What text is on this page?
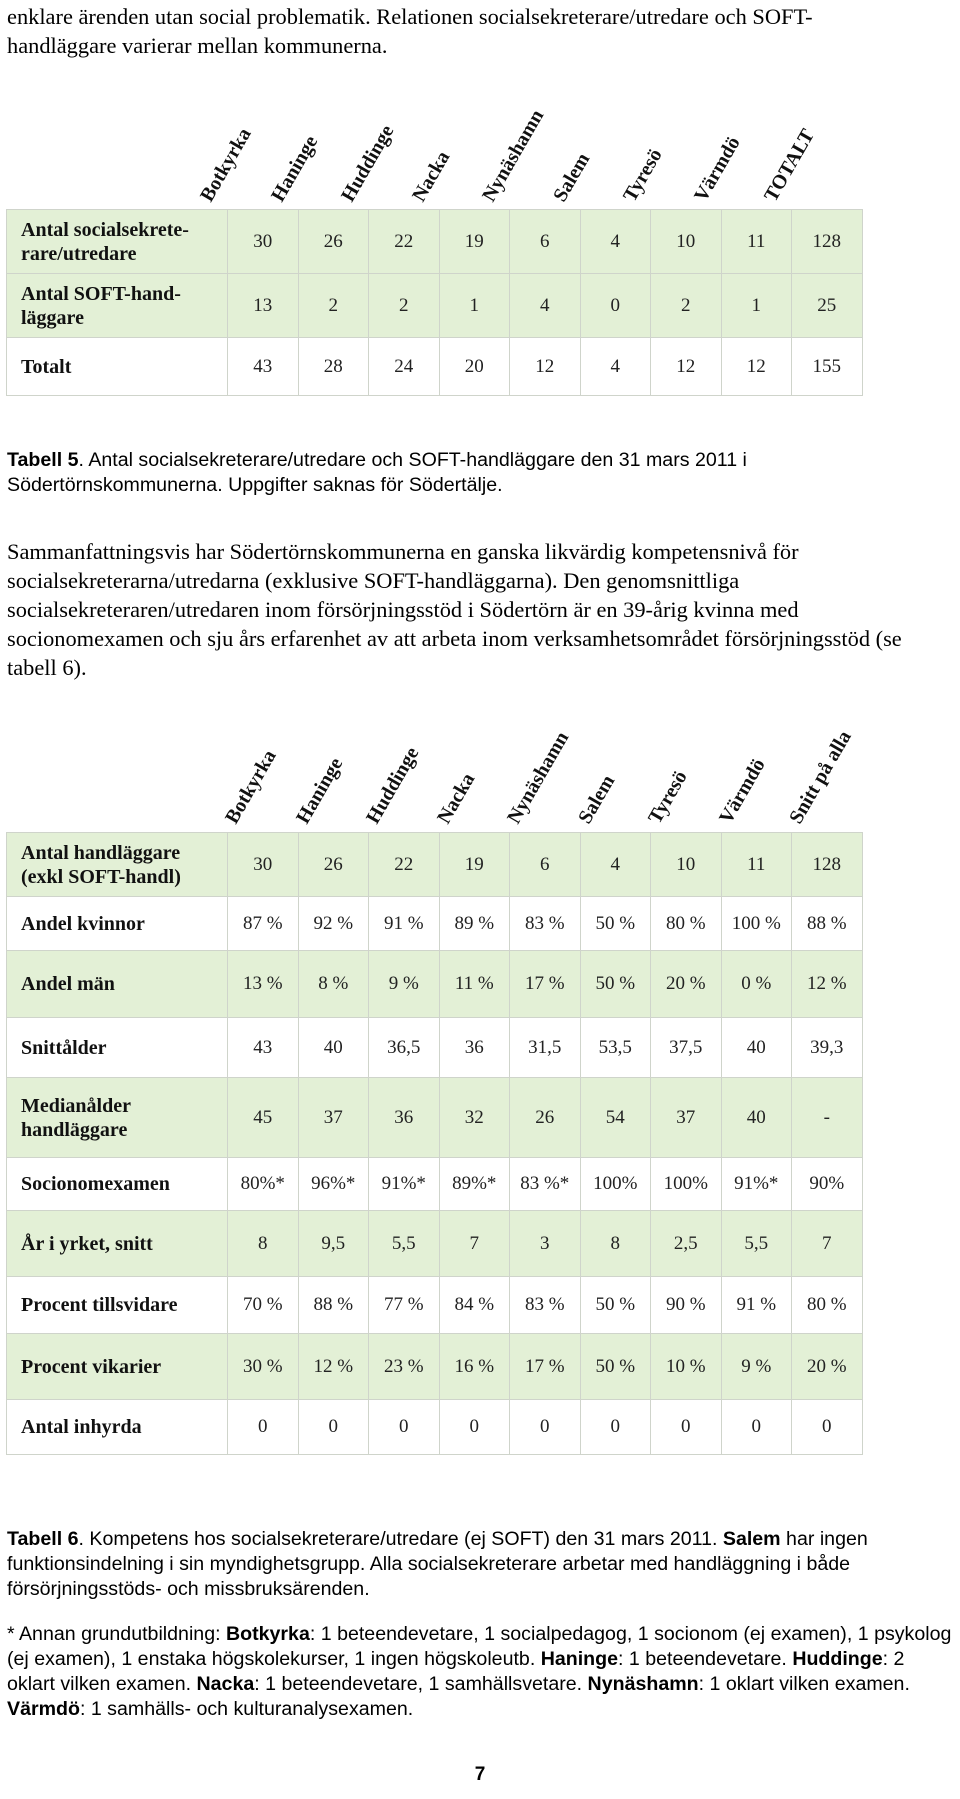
enklare ärenden utan social problematik. Relationen socialsekreterare/utredare och SOFT-
handläggare varierar mellan kommunerna.
Botkyrka Haninge Huddinge Nacka Nynäshamn Salem Tyresö Värmdö TOTALT
Antal socialsekrete-
rare/utredare	30	26	22	19	6	4	10	11	128

Antal SOFT-hand-
läggare	13	2	2	1	4	0	2	1	25

Totalt	43	28	24	20	12	4	12	12	155
Tabell 5. Antal socialsekreterare/utredare och SOFT-handläggare den 31 mars 2011 i Södertörnskommunerna. Uppgifter saknas för Södertälje.
Sammanfattningsvis har Södertörnskommunerna en ganska likvärdig kompetensnivå för socialsekreterarna/utredarna (exklusive SOFT-handläggarna). Den genomsnittliga socialsekreteraren/utredaren inom försörjningsstöd i Södertörn är en 39-årig kvinna med socionomexamen och sju års erfarenhet av att arbeta inom verksamhetsområdet försörjningsstöd (se tabell 6).
Botkyrka Haninge Huddinge Nacka Nynäshamn Salem Tyresö Värmdö Snitt på alla
Antal handläggare
(exkl SOFT-handl)	30	26	22	19	6	4	10	11	128

Andel kvinnor	87 %	92 %	91 %	89 %	83 %	50 %	80 %	100 %	88 %

Andel män	13 %	8 %	9 %	11 %	17 %	50 %	20 %	0 %	12 %

Snittålder	43	40	36,5	36	31,5	53,5	37,5	40	39,3

Medianålder
handläggare	45	37	36	32	26	54	37	40	-

Socionomexamen	80%*	96%*	91%*	89%*	83 %*	100%	100%	91%*	90%

År i yrket, snitt	8	9,5	5,5	7	3	8	2,5	5,5	7

Procent tillsvidare	70 %	88 %	77 %	84 %	83 %	50 %	90 %	91 %	80 %

Procent vikarier	30 %	12 %	23 %	16 %	17 %	50 %	10 %	9 %	20 %

Antal inhyrda	0	0	0	0	0	0	0	0	0
Tabell 6. Kompetens hos socialsekreterare/utredare (ej SOFT) den 31 mars 2011. Salem har ingen funktionsindelning i sin myndighetsgrupp. Alla socialsekreterare arbetar med handläggning i både försörjningsstöds- och missbruksärenden.
* Annan grundutbildning: Botkyrka: 1 beteendevetare, 1 socialpedagog, 1 socionom (ej examen), 1 psykolog (ej examen), 1 enstaka högskolekurser, 1 ingen högskoleutb. Haninge: 1 beteendevetare. Huddinge: 2 oklart vilken examen. Nacka: 1 beteendevetare, 1 samhällsvetare. Nynäshamn: 1 oklart vilken examen. Värmdö: 1 samhälls- och kulturanalysexamen.
7
